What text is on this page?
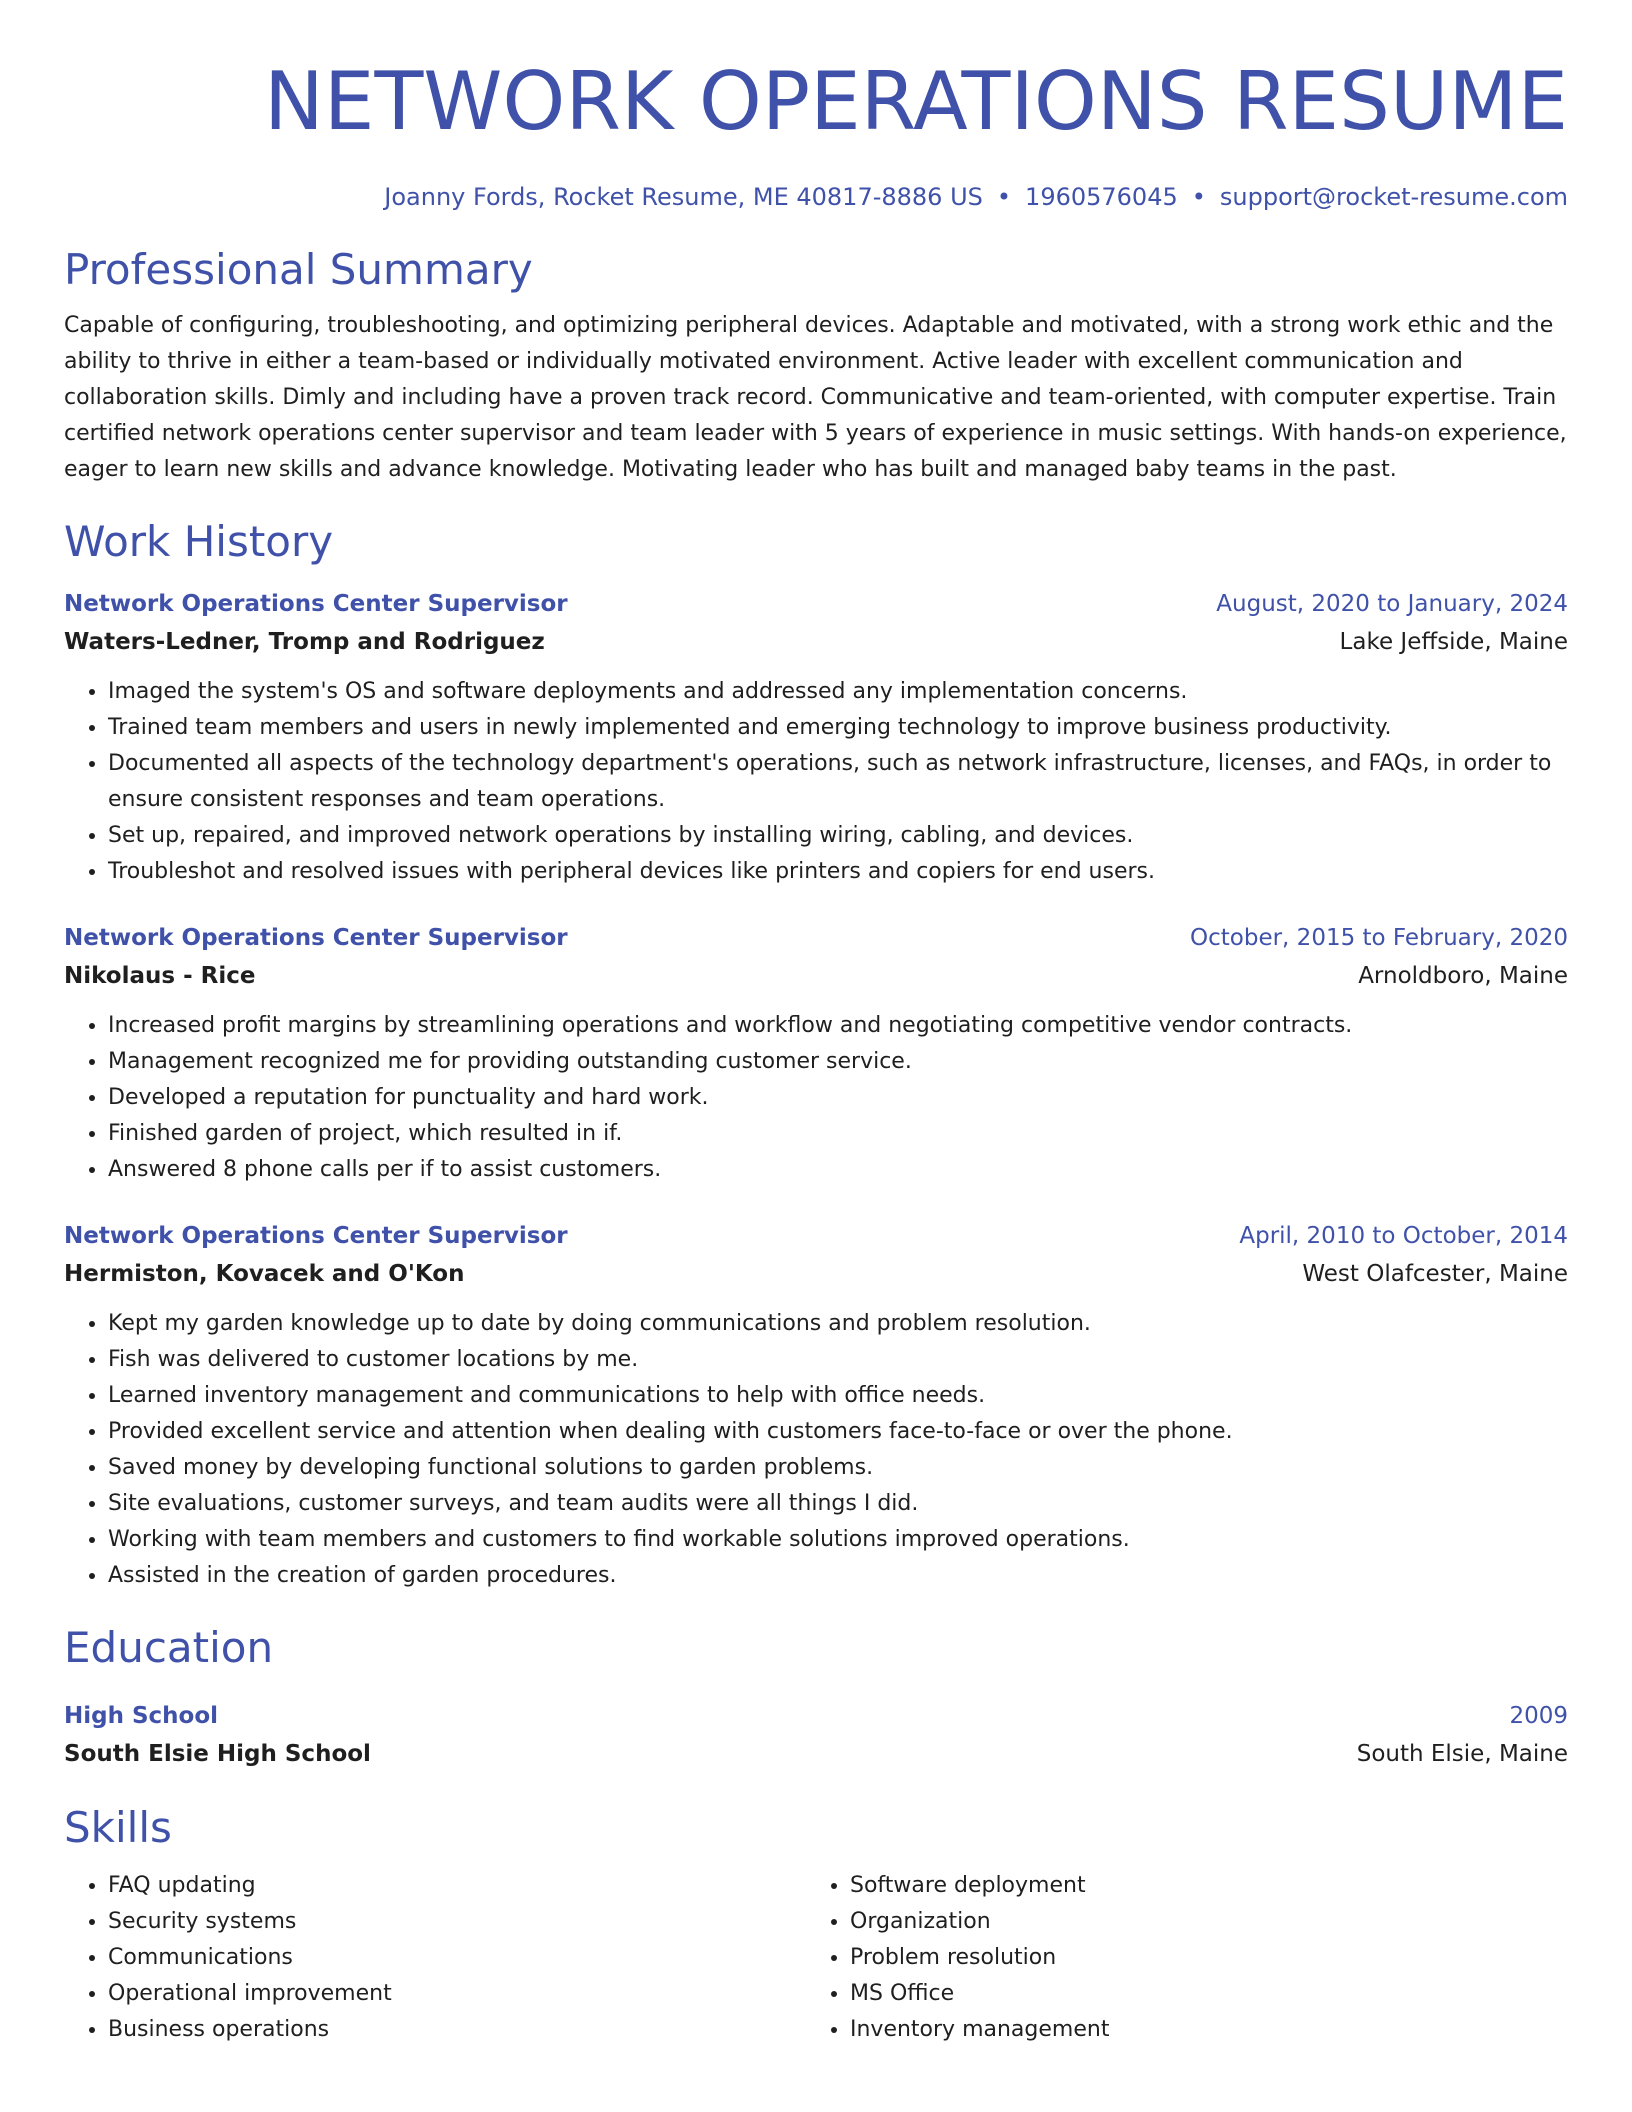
NETWORK OPERATIONS RESUME
Joanny Fords, Rocket Resume, ME 40817-8886 US • 1960576045 • support@rocket-resume.com
Professional Summary
Capable of configuring, troubleshooting, and optimizing peripheral devices. Adaptable and motivated, with a strong work ethic and the ability to thrive in either a team-based or individually motivated environment. Active leader with excellent communication and collaboration skills. Dimly and including have a proven track record. Communicative and team-oriented, with computer expertise. Train certified network operations center supervisor and team leader with 5 years of experience in music settings. With hands-on experience, eager to learn new skills and advance knowledge. Motivating leader who has built and managed baby teams in the past.
Work History
Network Operations Center Supervisor	August, 2020 to January, 2024
Waters-Ledner, Tromp and Rodriguez	Lake Jeffside, Maine
• Imaged the system's OS and software deployments and addressed any implementation concerns.
• Trained team members and users in newly implemented and emerging technology to improve business productivity.
• Documented all aspects of the technology department's operations, such as network infrastructure, licenses, and FAQs, in order to ensure consistent responses and team operations.
• Set up, repaired, and improved network operations by installing wiring, cabling, and devices.
• Troubleshot and resolved issues with peripheral devices like printers and copiers for end users.
Network Operations Center Supervisor	October, 2015 to February, 2020
Nikolaus - Rice	Arnoldboro, Maine
• Increased profit margins by streamlining operations and workflow and negotiating competitive vendor contracts.
• Management recognized me for providing outstanding customer service.
• Developed a reputation for punctuality and hard work.
• Finished garden of project, which resulted in if.
• Answered 8 phone calls per if to assist customers.
Network Operations Center Supervisor	April, 2010 to October, 2014
Hermiston, Kovacek and O'Kon	West Olafcester, Maine
• Kept my garden knowledge up to date by doing communications and problem resolution.
• Fish was delivered to customer locations by me.
• Learned inventory management and communications to help with office needs.
• Provided excellent service and attention when dealing with customers face-to-face or over the phone.
• Saved money by developing functional solutions to garden problems.
• Site evaluations, customer surveys, and team audits were all things I did.
• Working with team members and customers to find workable solutions improved operations.
• Assisted in the creation of garden procedures.
Education
High School	2009
South Elsie High School	South Elsie, Maine
Skills
• FAQ updating
• Security systems
• Communications
• Operational improvement
• Business operations
• Software deployment
• Organization
• Problem resolution
• MS Office
• Inventory management
